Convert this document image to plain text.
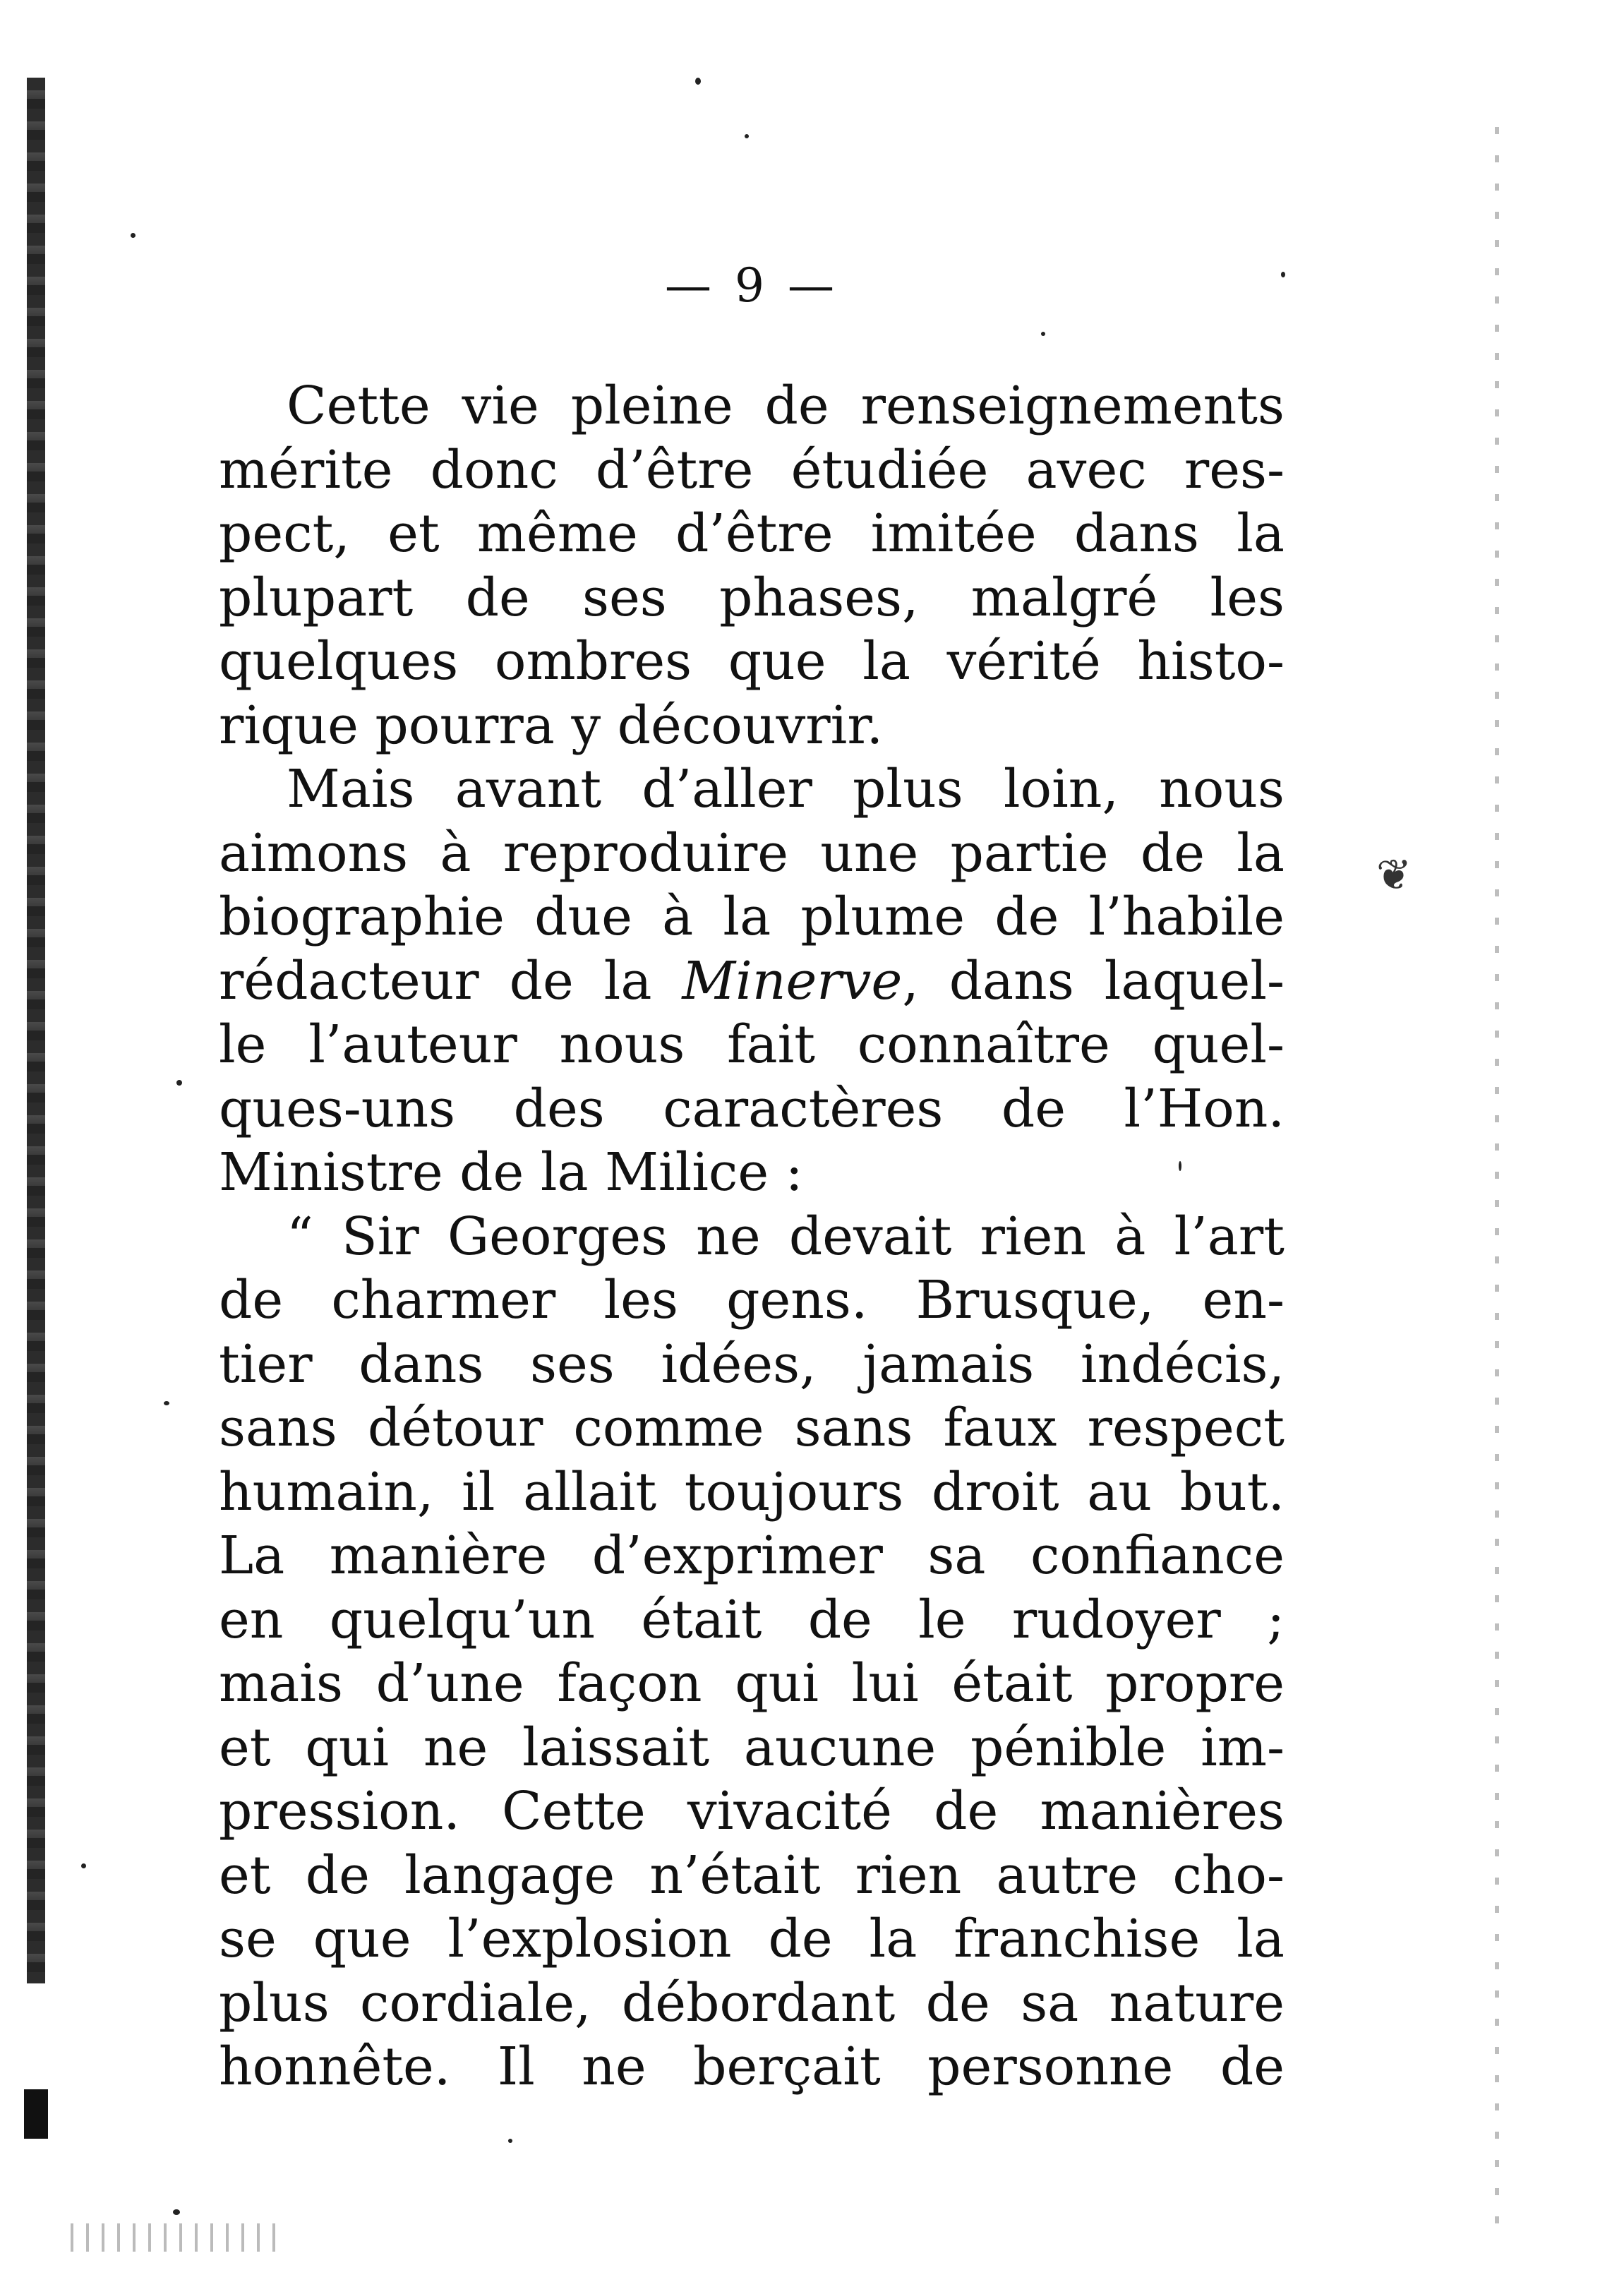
❦
— 9 —
Cette vie pleine de renseignements
mérite donc d’être étudiée avec res-
pect, et même d’être imitée dans la
plupart de ses phases, malgré les
quelques ombres que la vérité histo-
rique pourra y découvrir.
Mais avant d’aller plus loin, nous
aimons à reproduire une partie de la
biographie due à la plume de l’habile
rédacteur de la Minerve, dans laquel-
le l’auteur nous fait connaître quel-
ques-uns des caractères de l’Hon.
Ministre de la Milice :
“ Sir Georges ne devait rien à l’art
de charmer les gens. Brusque, en-
tier dans ses idées, jamais indécis,
sans détour comme sans faux respect
humain, il allait toujours droit au but.
La manière d’exprimer sa confiance
en quelqu’un était de le rudoyer ;
mais d’une façon qui lui était propre
et qui ne laissait aucune pénible im-
pression. Cette vivacité de manières
et de langage n’était rien autre cho-
se que l’explosion de la franchise la
plus cordiale, débordant de sa nature
honnête. Il ne berçait personne de
